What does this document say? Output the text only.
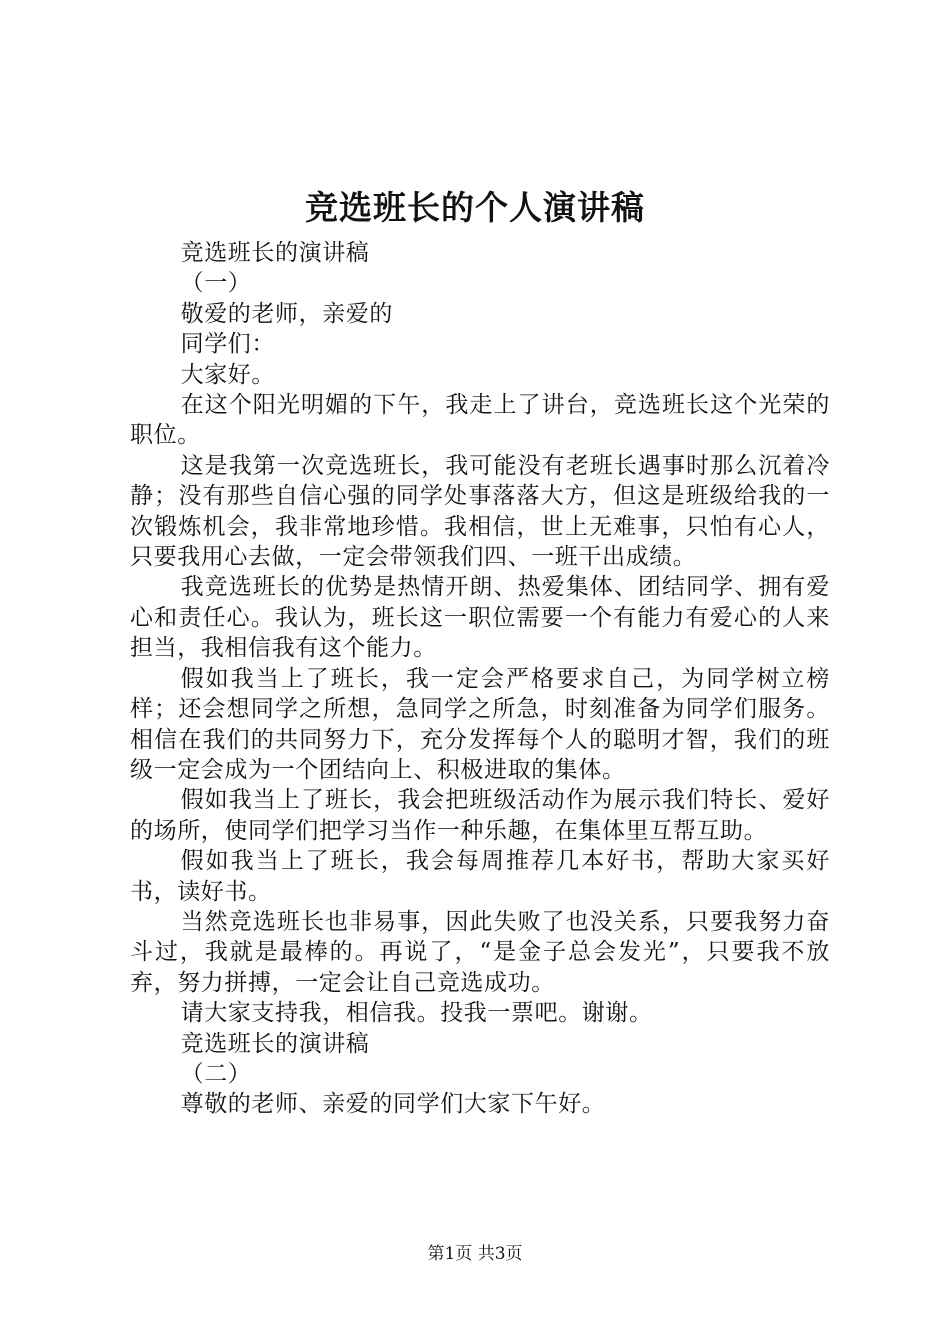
竞选班长的个人演讲稿

竞选班长的演讲稿

（一）

敬爱的老师，亲爱的

同学们：

大家好。

在这个阳光明媚的下午，我走上了讲台，竞选班长这个光荣的职位。

这是我第一次竞选班长，我可能没有老班长遇事时那么沉着冷静；没有那些自信心强的同学处事落落大方，但这是班级给我的一次锻炼机会，我非常地珍惜。我相信，世上无难事，只怕有心人，只要我用心去做，一定会带领我们四、一班干出成绩。

我竞选班长的优势是热情开朗、热爱集体、团结同学、拥有爱心和责任心。我认为，班长这一职位需要一个有能力有爱心的人来担当，我相信我有这个能力。

假如我当上了班长，我一定会严格要求自己，为同学树立榜样；还会想同学之所想，急同学之所急，时刻准备为同学们服务。相信在我们的共同努力下，充分发挥每个人的聪明才智，我们的班级一定会成为一个团结向上、积极进取的集体。

假如我当上了班长，我会把班级活动作为展示我们特长、爱好的场所，使同学们把学习当作一种乐趣，在集体里互帮互助。

假如我当上了班长，我会每周推荐几本好书，帮助大家买好书，读好书。

当然竞选班长也非易事，因此失败了也没关系，只要我努力奋斗过，我就是最棒的。再说了，“是金子总会发光”，只要我不放弃，努力拼搏，一定会让自己竞选成功。

请大家支持我，相信我。投我一票吧。谢谢。

竞选班长的演讲稿

（二）

尊敬的老师、亲爱的同学们大家下午好。

第1页 共3页
